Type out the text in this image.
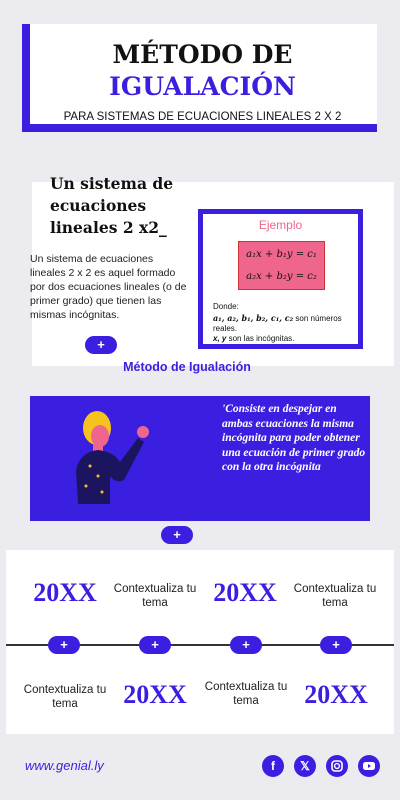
MÉTODO DE
IGUALACIÓN
PARA SISTEMAS DE ECUACIONES LINEALES 2 X 2
Un sistema de ecuaciones lineales 2 x2_
Un sistema de ecuaciones lineales 2 x 2 es aquel formado por dos ecuaciones lineales (o de primer grado) que tienen las mismas incógnitas.
+
Método de Igualación
Ejemplo
a₁x + b₁y = c₁
a₂x + b₂y = c₂
Donde:
a₁, a₂, b₁, b₂, c₁, c₂ son números reales.
x, y son las incógnitas.
'Consiste en despejar en ambas ecuaciones la misma incógnita para poder obtener una ecuación de primer grado con la otra incógnita
+
20XX	Contextualiza tu tema	20XX	Contextualiza tu tema
+	+	+	+
Contextualiza tu tema	20XX	Contextualiza tu tema	20XX
www.genial.ly	f	𝕏
